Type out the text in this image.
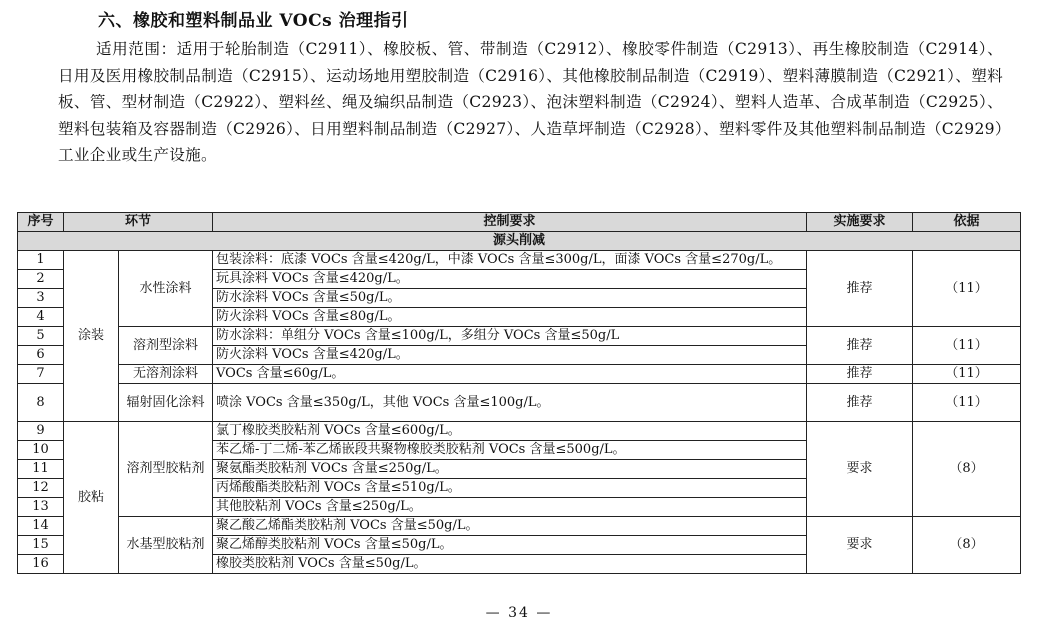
六、橡胶和塑料制品业 VOCs 治理指引
适用范围：适用于轮胎制造（C2911）、橡胶板、管、带制造（C2912）、橡胶零件制造（C2913）、再生橡胶制造（C2914）、日用及医用橡胶制品制造（C2915）、运动场地用塑胶制造（C2916）、其他橡胶制品制造（C2919）、塑料薄膜制造（C2921）、塑料板、管、型材制造（C2922）、塑料丝、绳及编织品制造（C2923）、泡沫塑料制造（C2924）、塑料人造革、合成革制造（C2925）、塑料包装箱及容器制造（C2926）、日用塑料制品制造（C2927）、人造草坪制造（C2928）、塑料零件及其他塑料制品制造（C2929）工业企业或生产设施。
序号	环节		控制要求	实施要求	依据
源头削减					
1	涂装	水性涂料	包装涂料：底漆 VOCs 含量≤420g/L，中漆 VOCs 含量≤300g/L，面漆 VOCs 含量≤270g/L。	推荐	（11）
2			玩具涂料 VOCs 含量≤420g/L。		
3			防水涂料 VOCs 含量≤50g/L。		
4			防火涂料 VOCs 含量≤80g/L。		
5		溶剂型涂料	防水涂料：单组分 VOCs 含量≤100g/L，多组分 VOCs 含量≤50g/L	推荐	（11）
6			防火涂料 VOCs 含量≤420g/L。		
7		无溶剂涂料	VOCs 含量≤60g/L。	推荐	（11）
8		辐射固化涂料	喷涂 VOCs 含量≤350g/L，其他 VOCs 含量≤100g/L。	推荐	（11）
9	胶粘	溶剂型胶粘剂	氯丁橡胶类胶粘剂 VOCs 含量≤600g/L。	要求	（8）
10			苯乙烯-丁二烯-苯乙烯嵌段共聚物橡胶类胶粘剂 VOCs 含量≤500g/L。		
11			聚氨酯类胶粘剂 VOCs 含量≤250g/L。		
12			丙烯酸酯类胶粘剂 VOCs 含量≤510g/L。		
13			其他胶粘剂 VOCs 含量≤250g/L。		
14		水基型胶粘剂	聚乙酸乙烯酯类胶粘剂 VOCs 含量≤50g/L。	要求	（8）
15			聚乙烯醇类胶粘剂 VOCs 含量≤50g/L。		
16			橡胶类胶粘剂 VOCs 含量≤50g/L。		
— 34 —
